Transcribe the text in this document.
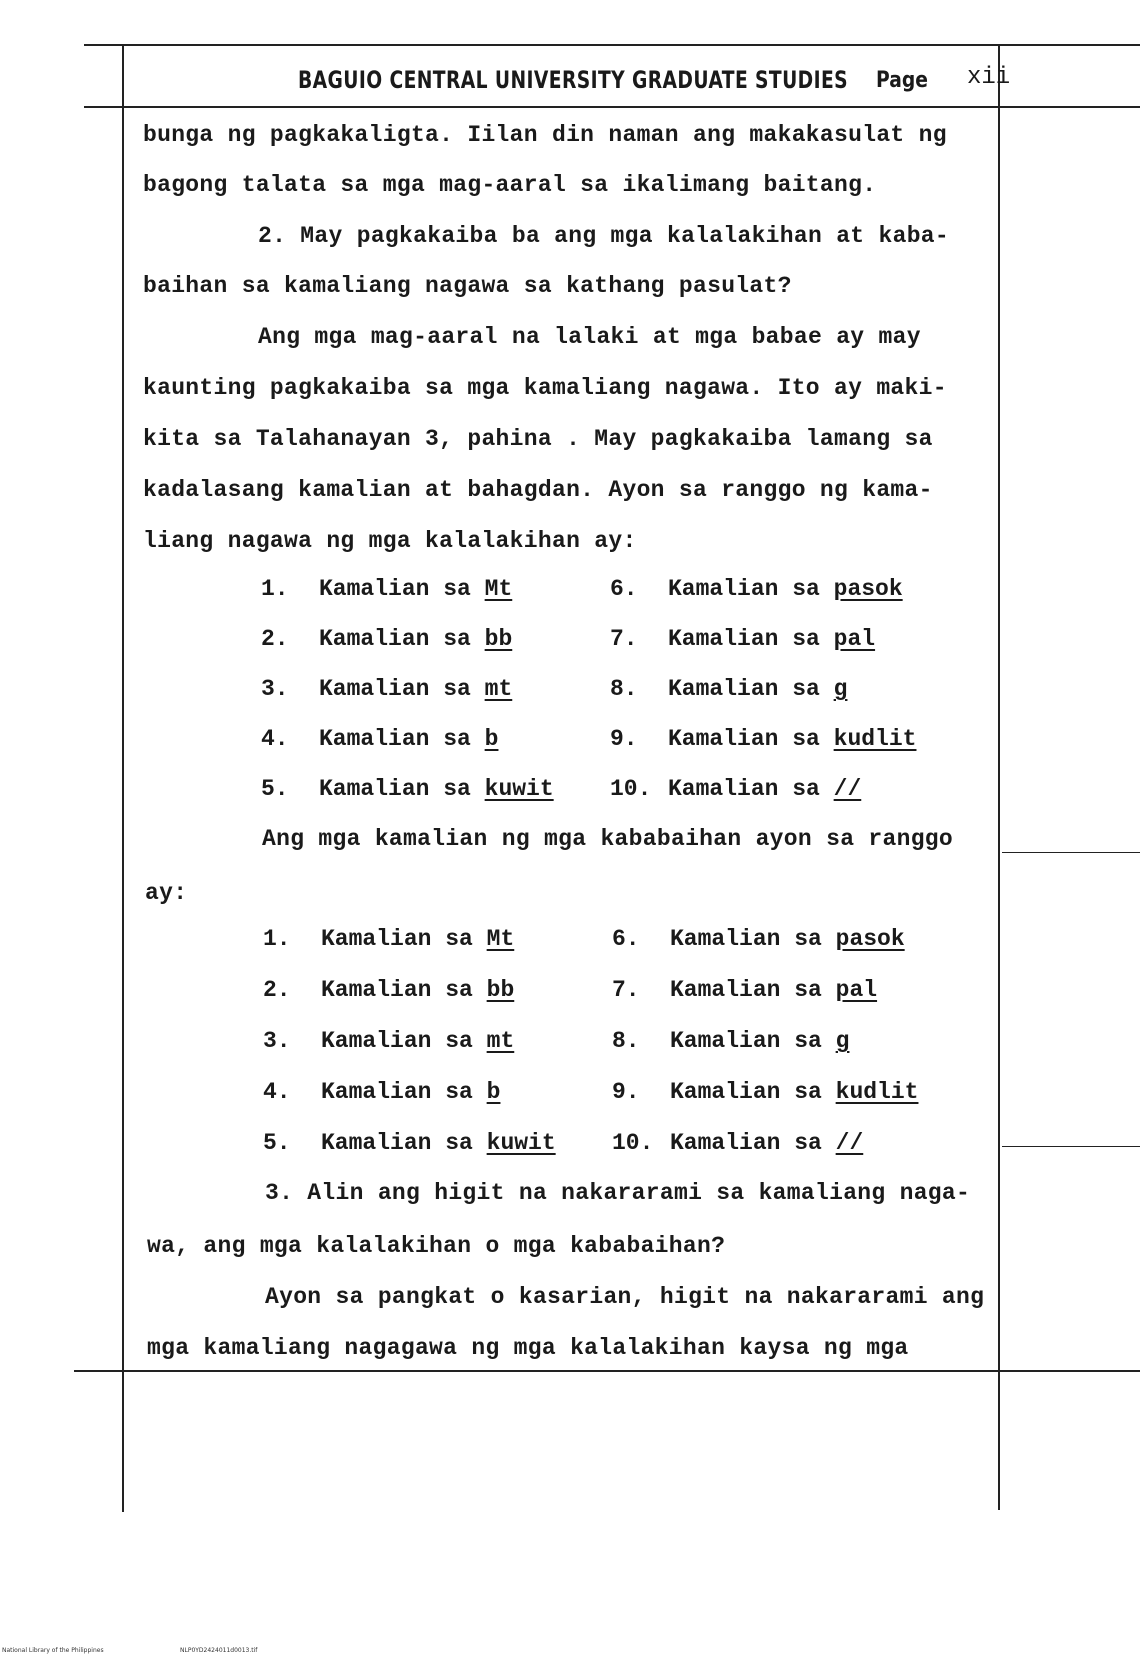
BAGUIO CENTRAL UNIVERSITY GRADUATE STUDIES Page xii
bunga ng pagkakaligta. Iilan din naman ang makakasulat ng
bagong talata sa mga mag-aaral sa ikalimang baitang.
2. May pagkakaiba ba ang mga kalalakihan at kaba-
baihan sa kamaliang nagawa sa kathang pasulat?
Ang mga mag-aaral na lalaki at mga babae ay may
kaunting pagkakaiba sa mga kamaliang nagawa. Ito ay maki-
kita sa Talahanayan 3, pahina . May pagkakaiba lamang sa
kadalasang kamalian at bahagdan. Ayon sa ranggo ng kama-
liang nagawa ng mga kalalakihan ay:
1. Kamalian sa Mt
2. Kamalian sa bb
3. Kamalian sa mt
4. Kamalian sa b
5. Kamalian sa kuwit
6. Kamalian sa pasok
7. Kamalian sa pal
8. Kamalian sa g
9. Kamalian sa kudlit
10. Kamalian sa //
Ang mga kamalian ng mga kababaihan ayon sa ranggo
ay:
1. Kamalian sa Mt
2. Kamalian sa bb
3. Kamalian sa mt
4. Kamalian sa b
5. Kamalian sa kuwit
6. Kamalian sa pasok
7. Kamalian sa pal
8. Kamalian sa g
9. Kamalian sa kudlit
10. Kamalian sa //
3. Alin ang higit na nakararami sa kamaliang naga-
wa, ang mga kalalakihan o mga kababaihan?
Ayon sa pangkat o kasarian, higit na nakararami ang
mga kamaliang nagagawa ng mga kalalakihan kaysa ng mga
National Library of the Philippines	NLP0YD2424011d0013.tif
